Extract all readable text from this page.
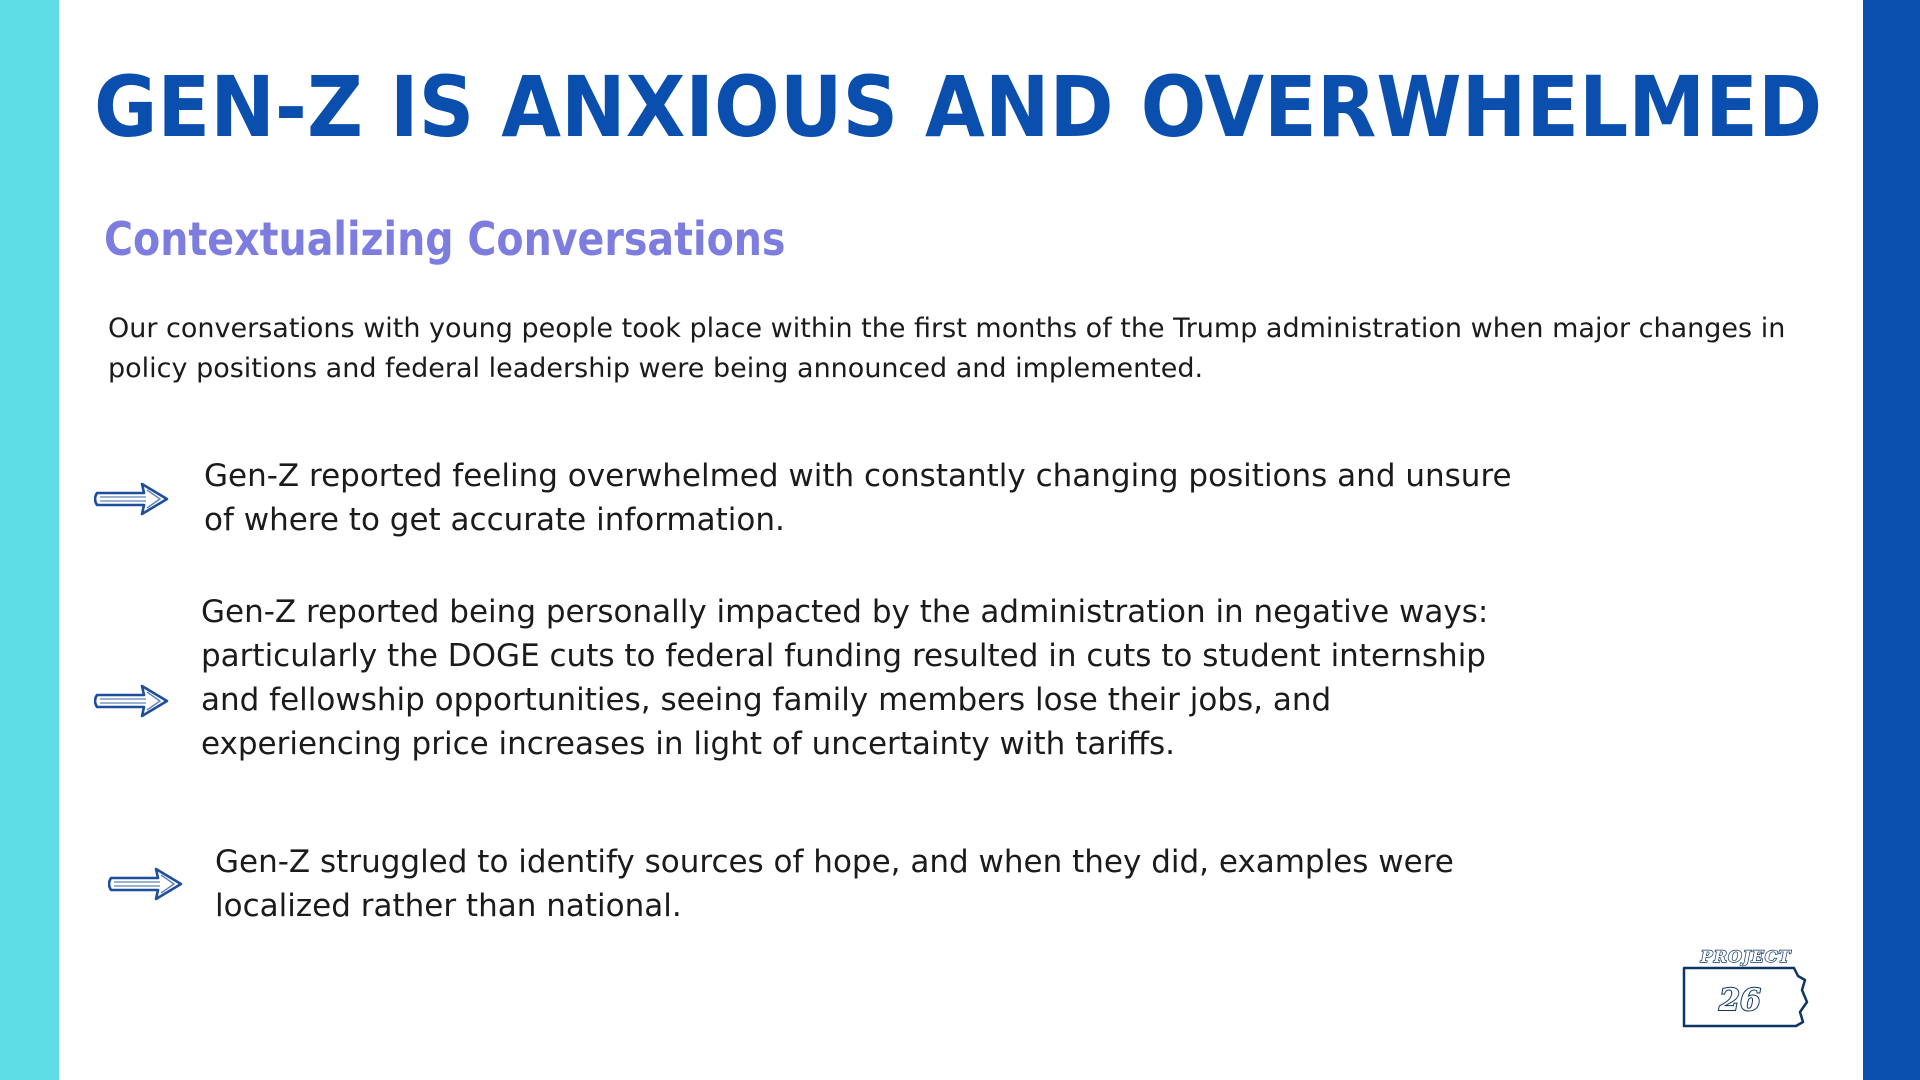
GEN-Z IS ANXIOUS AND OVERWHELMED
Contextualizing Conversations

Our conversations with young people took place within the first months of the Trump administration when major changes in policy positions and federal leadership were being announced and implemented.

Gen-Z reported feeling overwhelmed with constantly changing positions and unsure of where to get accurate information.

Gen-Z reported being personally impacted by the administration in negative ways: particularly the DOGE cuts to federal funding resulted in cuts to student internship and fellowship opportunities, seeing family members lose their jobs, and experiencing price increases in light of uncertainty with tariffs.

Gen-Z struggled to identify sources of hope, and when they did, examples were localized rather than national.

PROJECT
26
